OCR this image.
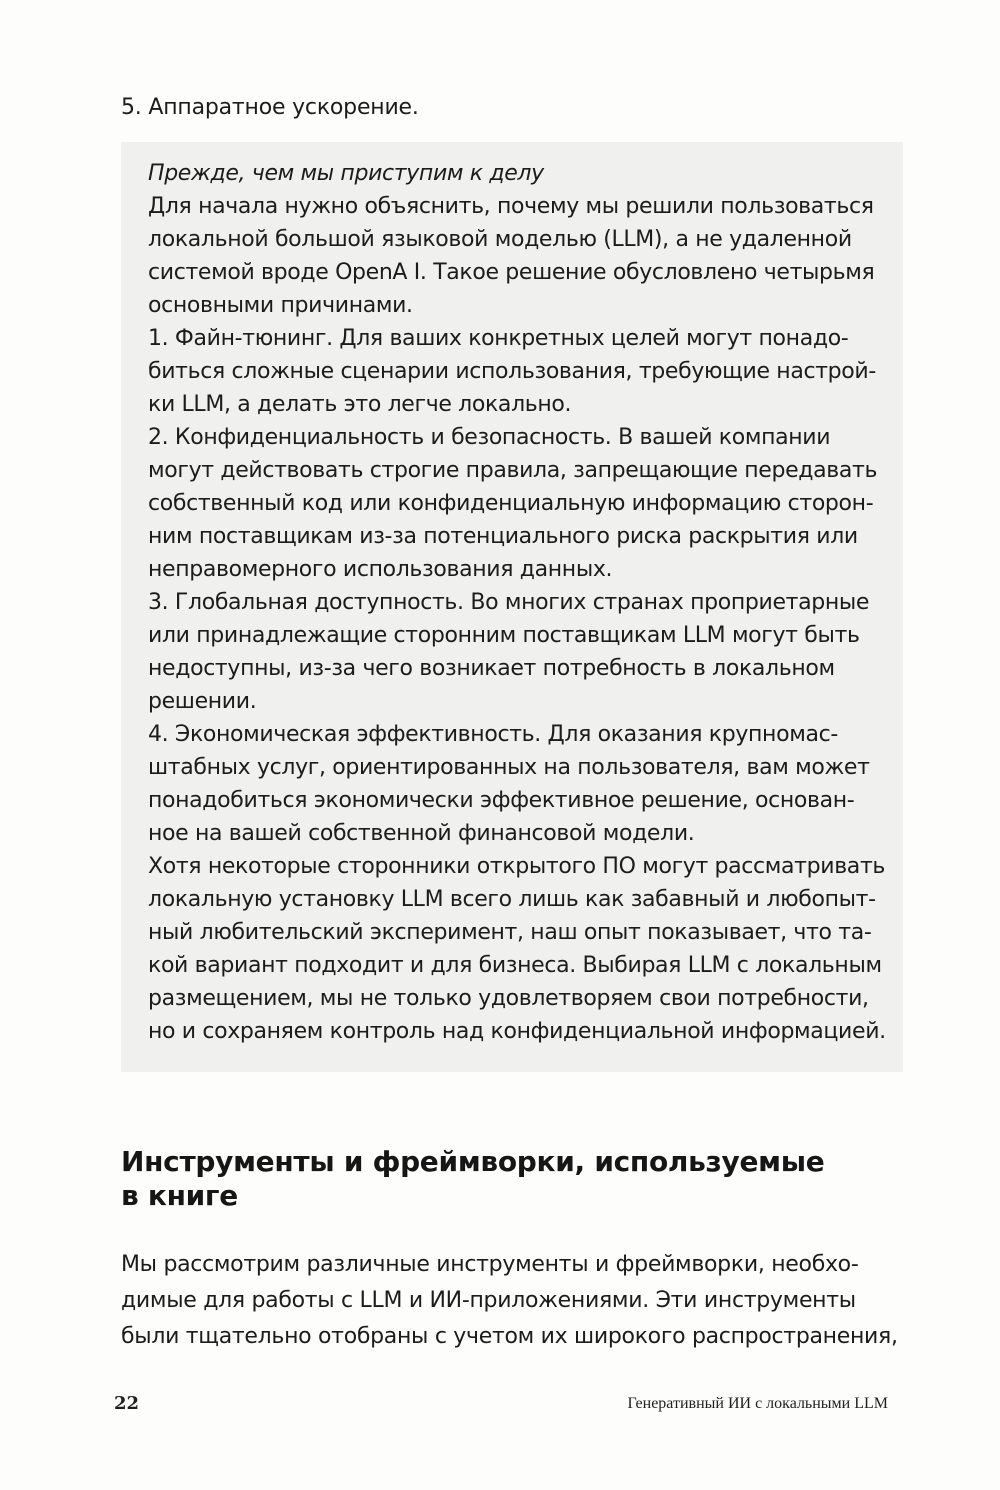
5. Аппаратное ускорение.

Прежде, чем мы приступим к делу

Для начала нужно объяснить, почему мы решили пользоваться

локальной большой языковой моделью (LLM), а не удаленной

системой вроде OpenA I. Такое решение обусловлено четырьмя

основными причинами.

1. Файн-тюнинг. Для ваших конкретных целей могут понадо-

биться сложные сценарии использования, требующие настрой-

ки LLM, а делать это легче локально.

2. Конфиденциальность и безопасность. В вашей компании

могут действовать строгие правила, запрещающие передавать

собственный код или конфиденциальную информацию сторон-

ним поставщикам из-за потенциального риска раскрытия или

неправомерного использования данных.

3. Глобальная доступность. Во многих странах проприетарные

или принадлежащие сторонним поставщикам LLM могут быть

недоступны, из-за чего возникает потребность в локальном

решении.

4. Экономическая эффективность. Для оказания крупномас-

штабных услуг, ориентированных на пользователя, вам может

понадобиться экономически эффективное решение, основан-

ное на вашей собственной финансовой модели.

Хотя некоторые сторонники открытого ПО могут рассматривать

локальную установку LLM всего лишь как забавный и любопыт-

ный любительский эксперимент, наш опыт показывает, что та-

кой вариант подходит и для бизнеса. Выбирая LLM с локальным

размещением, мы не только удовлетворяем свои потребности,

но и сохраняем контроль над конфиденциальной информацией.

Инструменты и фреймворки, используемые
в книге

Мы рассмотрим различные инструменты и фреймворки, необхо-

димые для работы с LLM и ИИ-приложениями. Эти инструменты

были тщательно отобраны с учетом их широкого распространения,

22	Генеративный ИИ с локальными LLM
